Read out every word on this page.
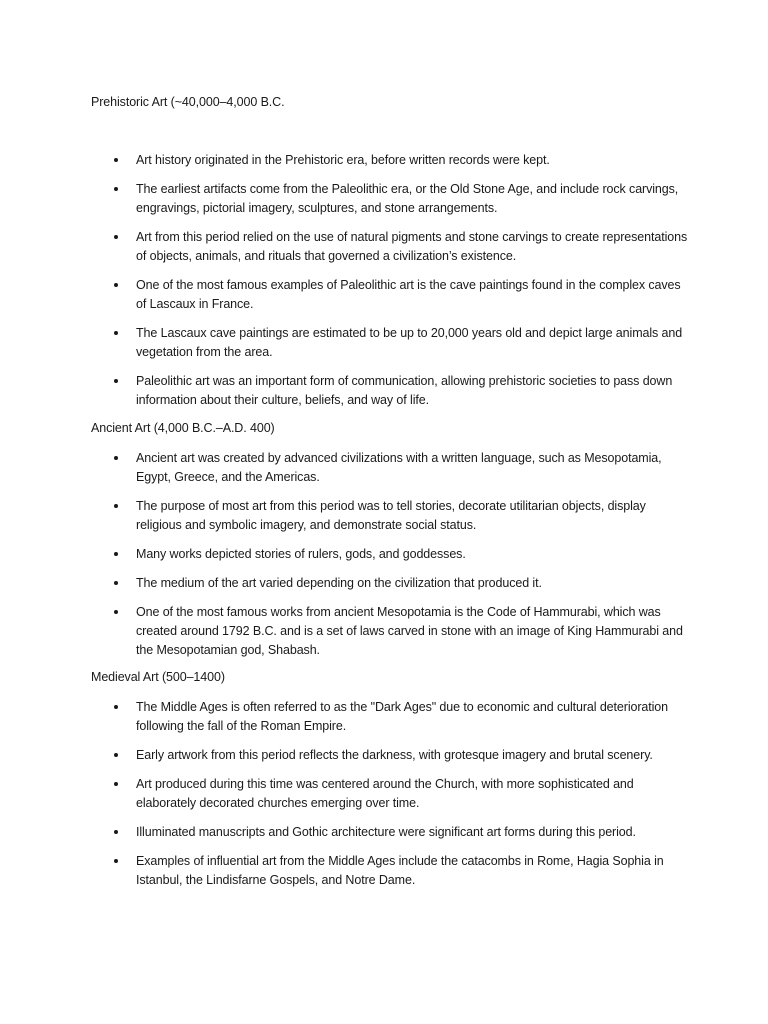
Prehistoric Art (~40,000–4,000 B.C.
Art history originated in the Prehistoric era, before written records were kept.
The earliest artifacts come from the Paleolithic era, or the Old Stone Age, and include rock carvings, engravings, pictorial imagery, sculptures, and stone arrangements.
Art from this period relied on the use of natural pigments and stone carvings to create representations of objects, animals, and rituals that governed a civilization’s existence.
One of the most famous examples of Paleolithic art is the cave paintings found in the complex caves of Lascaux in France.
The Lascaux cave paintings are estimated to be up to 20,000 years old and depict large animals and vegetation from the area.
Paleolithic art was an important form of communication, allowing prehistoric societies to pass down information about their culture, beliefs, and way of life.
Ancient Art (4,000 B.C.–A.D. 400)
Ancient art was created by advanced civilizations with a written language, such as Mesopotamia, Egypt, Greece, and the Americas.
The purpose of most art from this period was to tell stories, decorate utilitarian objects, display religious and symbolic imagery, and demonstrate social status.
Many works depicted stories of rulers, gods, and goddesses.
The medium of the art varied depending on the civilization that produced it.
One of the most famous works from ancient Mesopotamia is the Code of Hammurabi, which was created around 1792 B.C. and is a set of laws carved in stone with an image of King Hammurabi and the Mesopotamian god, Shabash.
Medieval Art (500–1400)
The Middle Ages is often referred to as the "Dark Ages" due to economic and cultural deterioration following the fall of the Roman Empire.
Early artwork from this period reflects the darkness, with grotesque imagery and brutal scenery.
Art produced during this time was centered around the Church, with more sophisticated and elaborately decorated churches emerging over time.
Illuminated manuscripts and Gothic architecture were significant art forms during this period.
Examples of influential art from the Middle Ages include the catacombs in Rome, Hagia Sophia in Istanbul, the Lindisfarne Gospels, and Notre Dame.
